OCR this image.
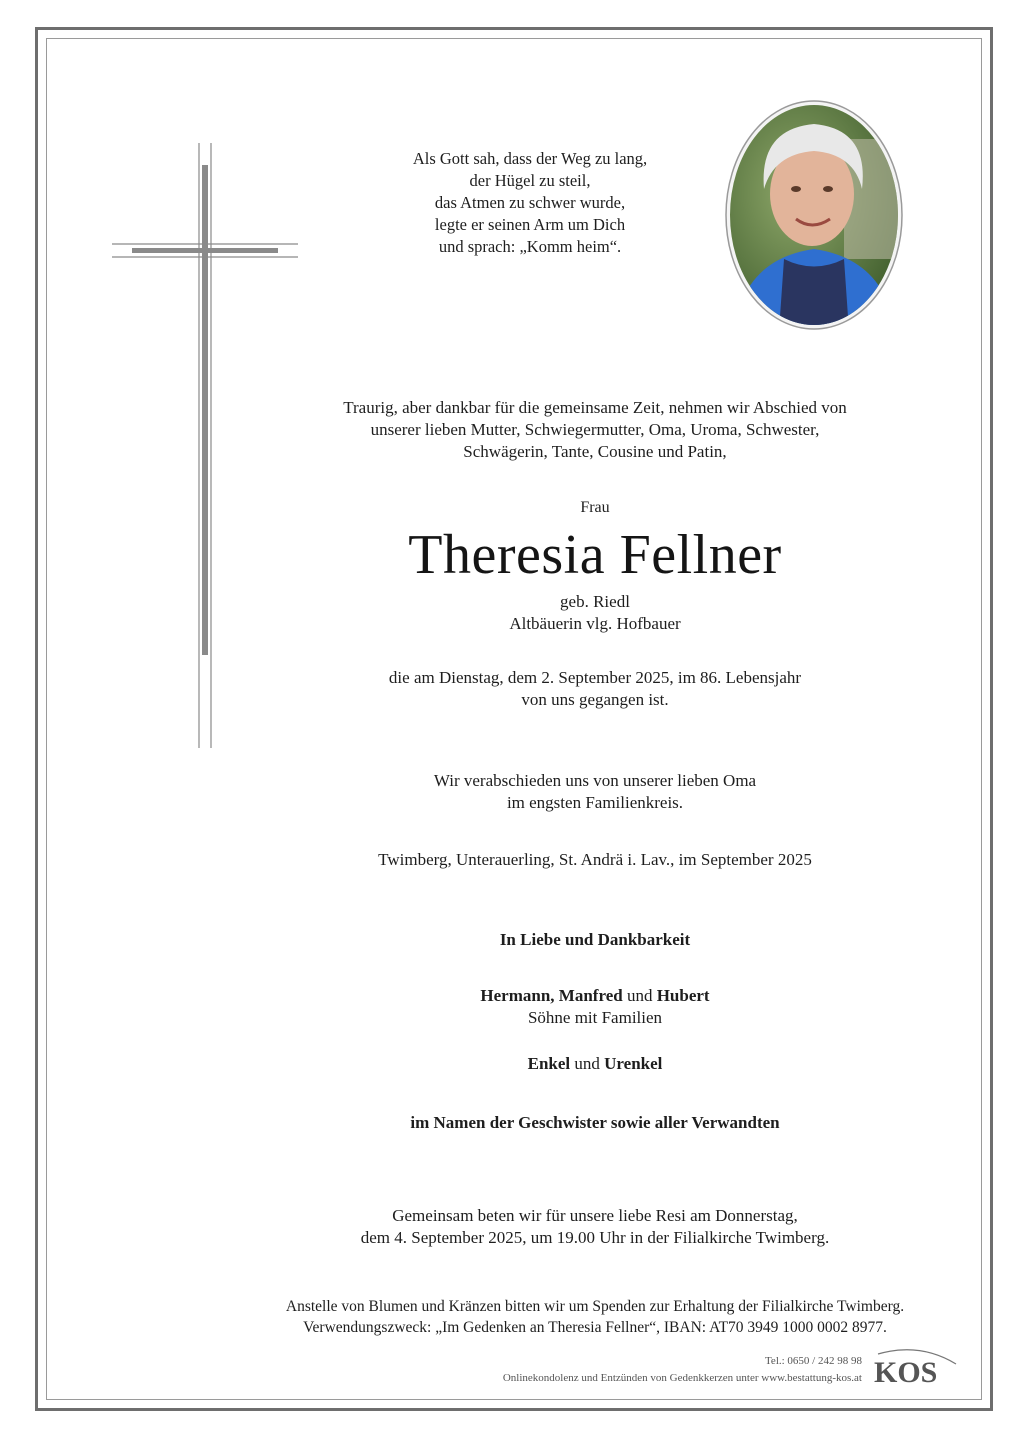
Als Gott sah, dass der Weg zu lang,
der Hügel zu steil,
das Atmen zu schwer wurde,
legte er seinen Arm um Dich
und sprach: „Komm heim“.
Traurig, aber dankbar für die gemeinsame Zeit, nehmen wir Abschied von
unserer lieben Mutter, Schwiegermutter, Oma, Uroma, Schwester,
Schwägerin, Tante, Cousine und Patin,
Frau
Theresia Fellner
geb. Riedl
Altbäuerin vlg. Hofbauer
die am Dienstag, dem 2. September 2025, im 86. Lebensjahr
von uns gegangen ist.
Wir verabschieden uns von unserer lieben Oma
im engsten Familienkreis.
Twimberg, Unterauerling, St. Andrä i. Lav., im September 2025
In Liebe und Dankbarkeit
Hermann, Manfred und Hubert
Söhne mit Familien
Enkel und Urenkel
im Namen der Geschwister sowie aller Verwandten
Gemeinsam beten wir für unsere liebe Resi am Donnerstag,
dem 4. September 2025, um 19.00 Uhr in der Filialkirche Twimberg.
Anstelle von Blumen und Kränzen bitten wir um Spenden zur Erhaltung der Filialkirche Twimberg.
Verwendungszweck: „Im Gedenken an Theresia Fellner“, IBAN: AT70 3949 1000 0002 8977.
Tel.: 0650 / 242 98 98
Onlinekondolenz und Entzünden von Gedenkkerzen unter www.bestattung-kos.at KOS
